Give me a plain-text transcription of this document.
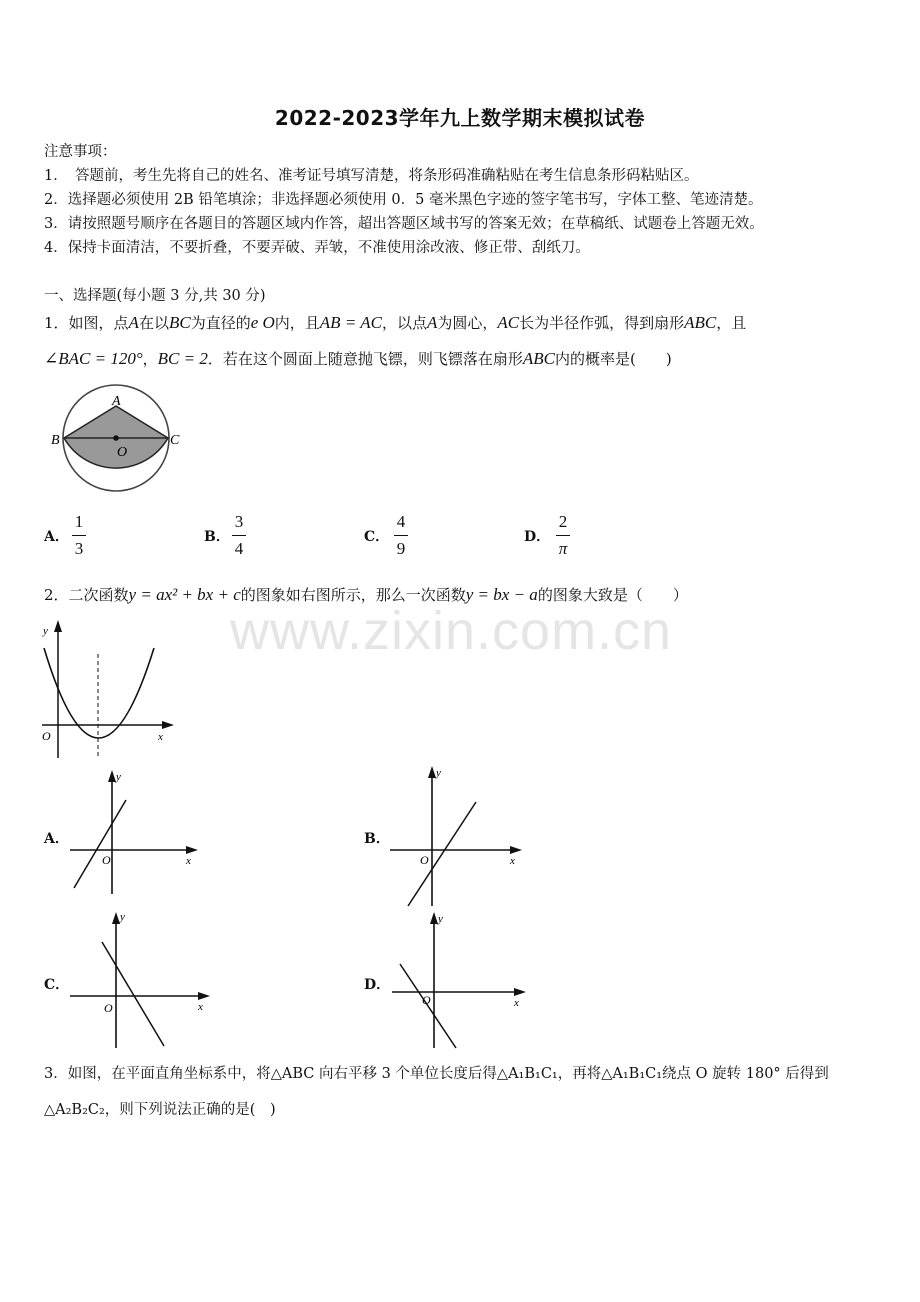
www.zixin.com.cn
2022-2023学年九上数学期末模拟试卷
注意事项：
1．　答题前，考生先将自己的姓名、准考证号填写清楚，将条形码准确粘贴在考生信息条形码粘贴区。
2．选择题必须使用 2B 铅笔填涂；非选择题必须使用 0．5 毫米黑色字迹的签字笔书写，字体工整、笔迹清楚。
3．请按照题号顺序在各题目的答题区域内作答，超出答题区域书写的答案无效；在草稿纸、试题卷上答题无效。
4．保持卡面清洁，不要折叠，不要弄破、弄皱，不准使用涂改液、修正带、刮纸刀。
一、选择题(每小题 3 分,共 30 分)
1．如图，点A在以BC为直径的e O内，且AB = AC，以点A为圆心，AC长为半径作弧，得到扇形ABC，且
∠BAC = 120°，BC = 2．若在这个圆面上随意抛飞镖，则飞镖落在扇形ABC内的概率是(　　)
A
B	C
O
A．
1
3
B．
3
4
C．
4
9
D．
2
π
2．二次函数y = ax² + bx + c的图象如右图所示，那么一次函数y = bx − a的图象大致是（　　）
y
x
O
A．
y
x
O
B．
y
x
O
C．
y
x
O
D．
y
x
O
3．如图，在平面直角坐标系中，将△ABC 向右平移 3 个单位长度后得△A₁B₁C₁，再将△A₁B₁C₁绕点 O 旋转 180° 后得到
△A₂B₂C₂，则下列说法正确的是(　)
